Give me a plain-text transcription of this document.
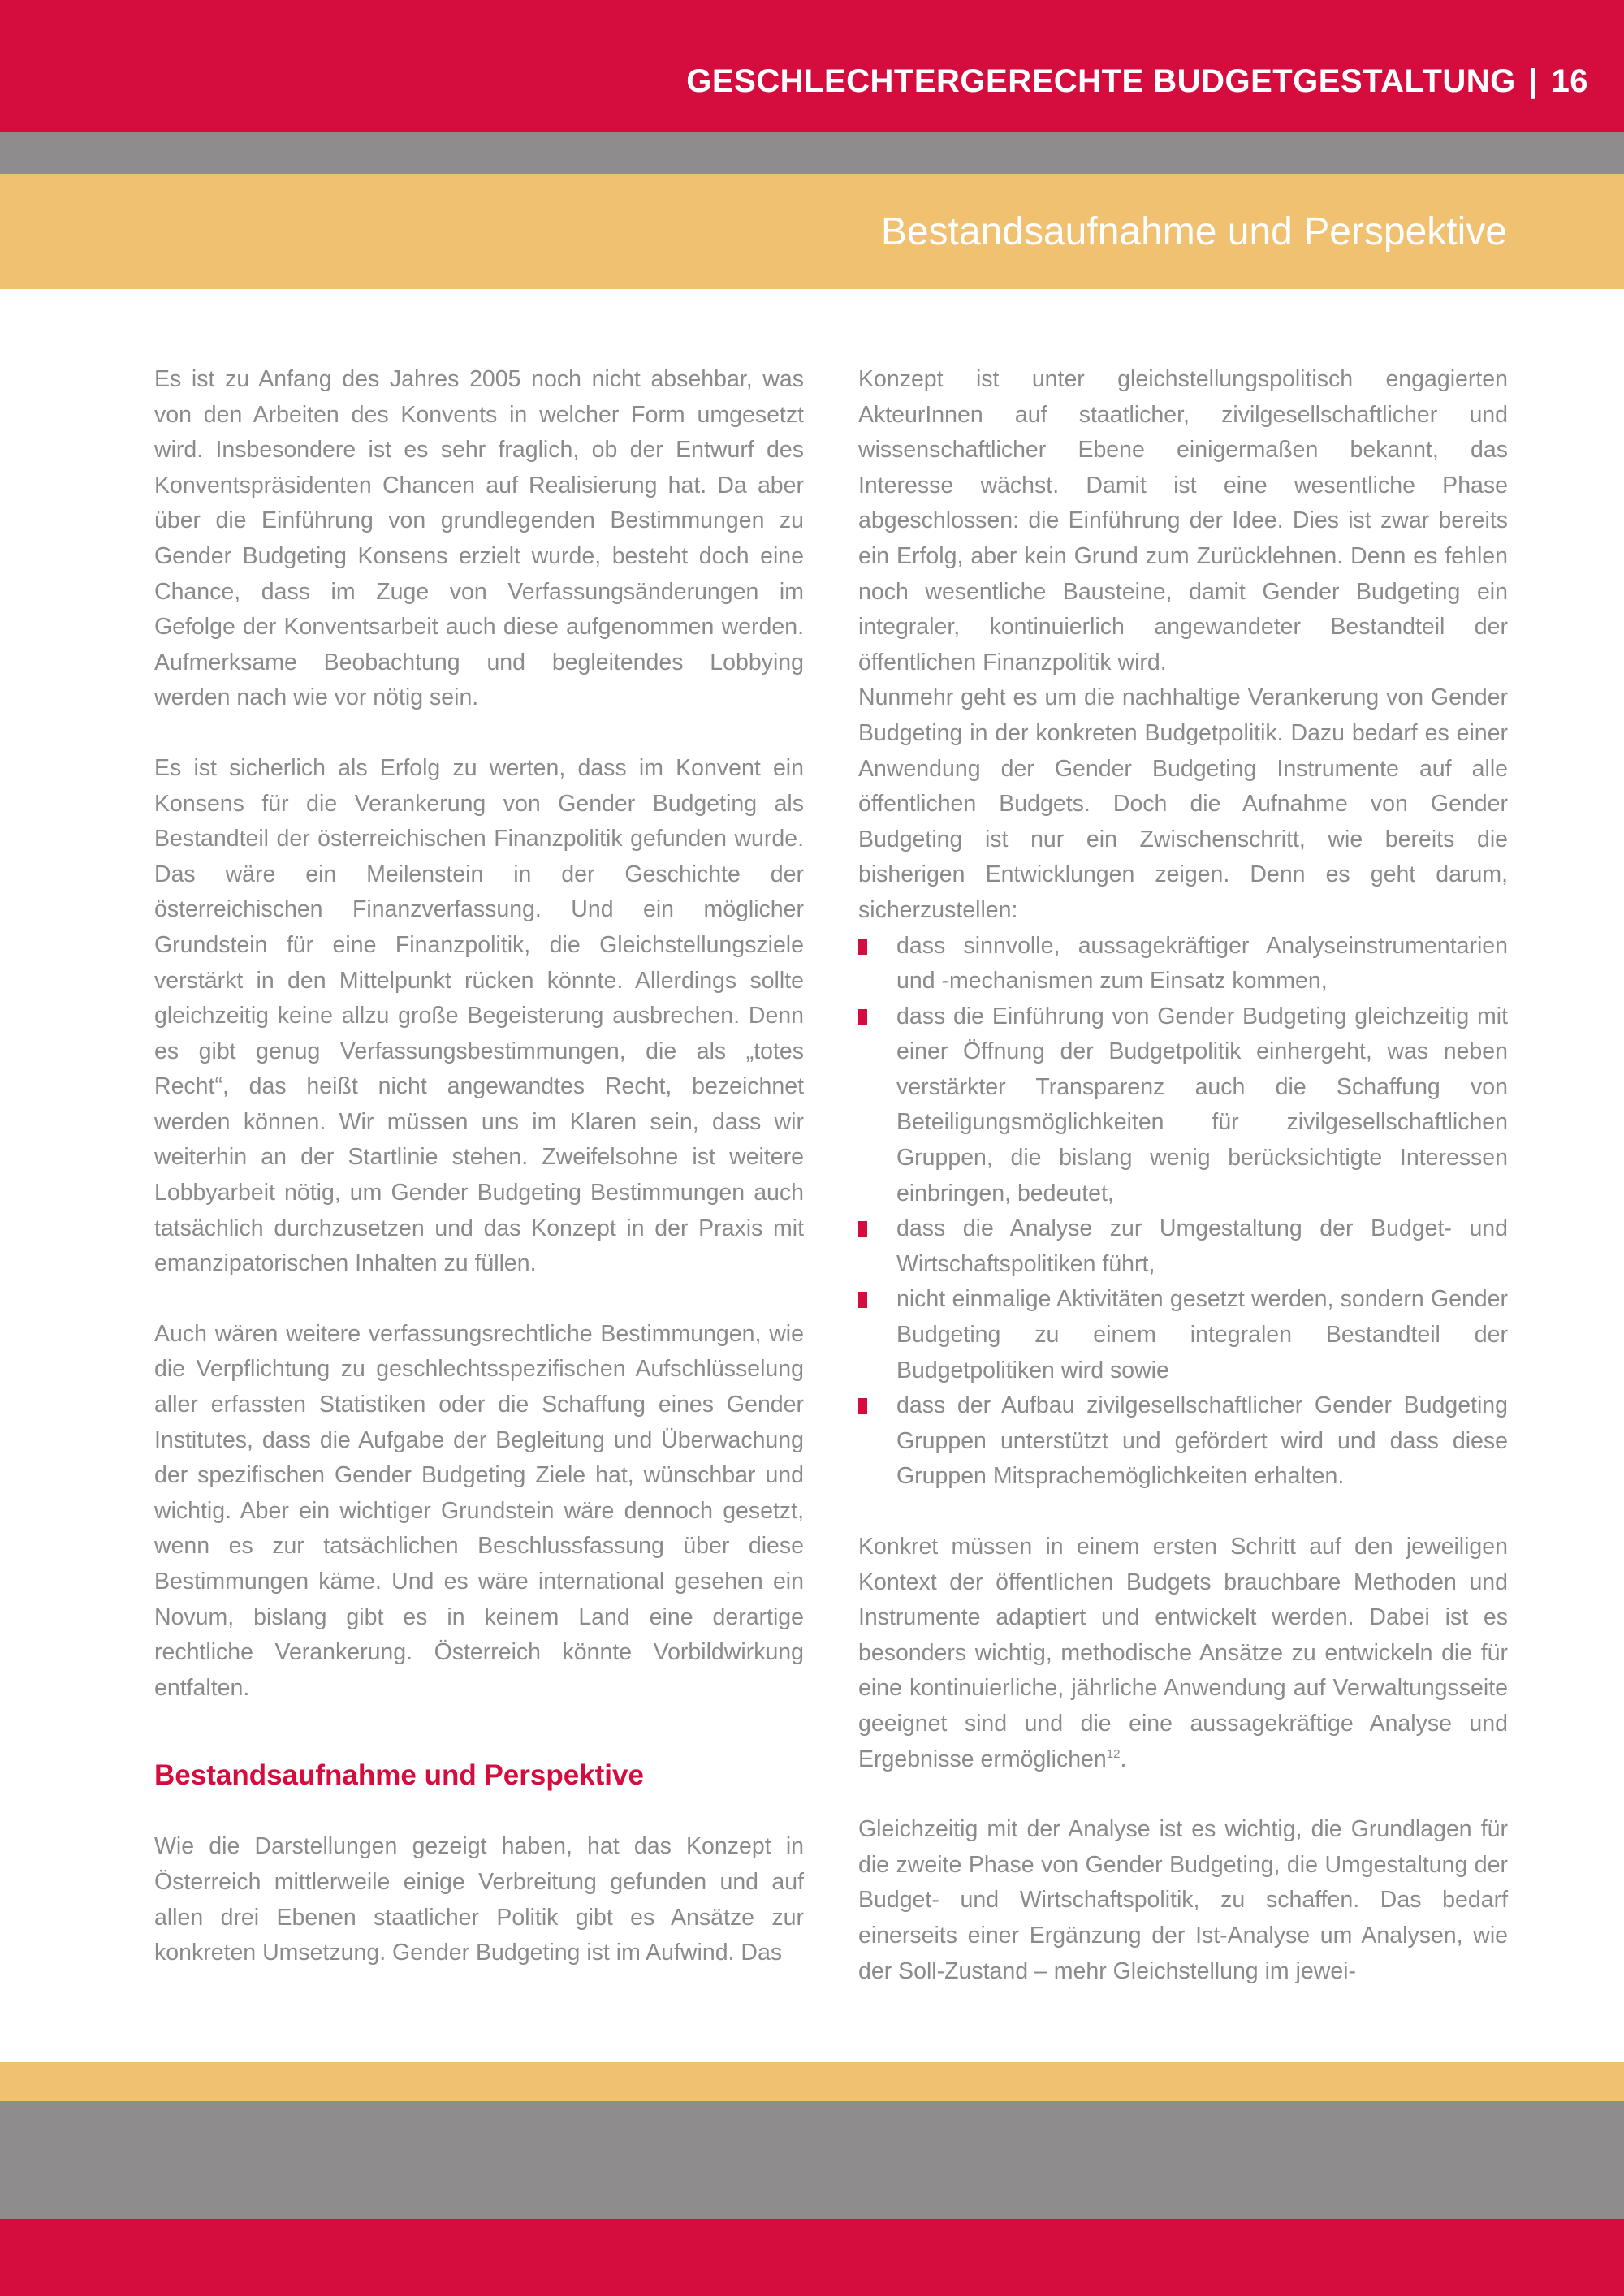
GESCHLECHTERGERECHTE BUDGETGESTALTUNG | 16
Bestandsaufnahme und Perspektive

Es ist zu Anfang des Jahres 2005 noch nicht absehbar, was von den Arbeiten des Konvents in welcher Form umgesetzt wird. Insbesondere ist es sehr fraglich, ob der Entwurf des Konventspräsidenten Chancen auf Realisierung hat. Da aber über die Einführung von grundlegenden Bestimmungen zu Gender Budgeting Konsens erzielt wurde, besteht doch eine Chance, dass im Zuge von Verfassungsänderungen im Gefolge der Konventsarbeit auch diese aufgenommen werden. Aufmerksame Beobachtung und begleitendes Lobbying werden nach wie vor nötig sein.

Es ist sicherlich als Erfolg zu werten, dass im Konvent ein Konsens für die Verankerung von Gender Budgeting als Bestandteil der österreichischen Finanzpolitik gefunden wurde. Das wäre ein Meilenstein in der Geschichte der österreichischen Finanzverfassung. Und ein möglicher Grundstein für eine Finanzpolitik, die Gleichstellungsziele verstärkt in den Mittelpunkt rücken könnte. Allerdings sollte gleichzeitig keine allzu große Begeisterung ausbrechen. Denn es gibt genug Verfassungsbestimmungen, die als „totes Recht“, das heißt nicht angewandtes Recht, bezeichnet werden können. Wir müssen uns im Klaren sein, dass wir weiterhin an der Startlinie stehen. Zweifelsohne ist weitere Lobbyarbeit nötig, um Gender Budgeting Bestimmungen auch tatsächlich durchzusetzen und das Konzept in der Praxis mit emanzipatorischen Inhalten zu füllen.

Auch wären weitere verfassungsrechtliche Bestimmungen, wie die Verpflichtung zu geschlechtsspezifischen Aufschlüsselung aller erfassten Statistiken oder die Schaffung eines Gender Institutes, dass die Aufgabe der Begleitung und Überwachung der spezifischen Gender Budgeting Ziele hat, wünschbar und wichtig. Aber ein wichtiger Grundstein wäre dennoch gesetzt, wenn es zur tatsächlichen Beschlussfassung über diese Bestimmungen käme. Und es wäre international gesehen ein Novum, bislang gibt es in keinem Land eine derartige rechtliche Verankerung. Österreich könnte Vorbildwirkung entfalten.

Bestandsaufnahme und Perspektive

Wie die Darstellungen gezeigt haben, hat das Konzept in Österreich mittlerweile einige Verbreitung gefunden und auf allen drei Ebenen staatlicher Politik gibt es Ansätze zur konkreten Umsetzung. Gender Budgeting ist im Aufwind. Das

Konzept ist unter gleichstellungspolitisch engagierten AkteurInnen auf staatlicher, zivilgesellschaftlicher und wissenschaftlicher Ebene einigermaßen bekannt, das Interesse wächst. Damit ist eine wesentliche Phase abgeschlossen: die Einführung der Idee. Dies ist zwar bereits ein Erfolg, aber kein Grund zum Zurücklehnen. Denn es fehlen noch wesentliche Bausteine, damit Gender Budgeting ein integraler, kontinuierlich angewandeter Bestandteil der öffentlichen Finanzpolitik wird.

Nunmehr geht es um die nachhaltige Verankerung von Gender Budgeting in der konkreten Budgetpolitik. Dazu bedarf es einer Anwendung der Gender Budgeting Instrumente auf alle öffentlichen Budgets. Doch die Aufnahme von Gender Budgeting ist nur ein Zwischenschritt, wie bereits die bisherigen Entwicklungen zeigen. Denn es geht darum, sicherzustellen:

dass sinnvolle, aussagekräftiger Analyseinstrumentarien und -mechanismen zum Einsatz kommen,
dass die Einführung von Gender Budgeting gleichzeitig mit einer Öffnung der Budgetpolitik einhergeht, was neben verstärkter Transparenz auch die Schaffung von Beteiligungsmöglichkeiten für zivilgesellschaftlichen Gruppen, die bislang wenig berücksichtigte Interessen einbringen, bedeutet,
dass die Analyse zur Umgestaltung der Budget- und Wirtschaftspolitiken führt,
nicht einmalige Aktivitäten gesetzt werden, sondern Gender Budgeting zu einem integralen Bestandteil der Budgetpolitiken wird sowie
dass der Aufbau zivilgesellschaftlicher Gender Budgeting Gruppen unterstützt und gefördert wird und dass diese Gruppen Mitsprachemöglichkeiten erhalten.

Konkret müssen in einem ersten Schritt auf den jeweiligen Kontext der öffentlichen Budgets brauchbare Methoden und Instrumente adaptiert und entwickelt werden. Dabei ist es besonders wichtig, methodische Ansätze zu entwickeln die für eine kontinuierliche, jährliche Anwendung auf Verwaltungsseite geeignet sind und die eine aussagekräftige Analyse und Ergebnisse ermöglichen$^{12}$.

Gleichzeitig mit der Analyse ist es wichtig, die Grundlagen für die zweite Phase von Gender Budgeting, die Umgestaltung der Budget- und Wirtschaftspolitik, zu schaffen. Das bedarf einerseits einer Ergänzung der Ist-Analyse um Analysen, wie der Soll-Zustand – mehr Gleichstellung im jewei-
